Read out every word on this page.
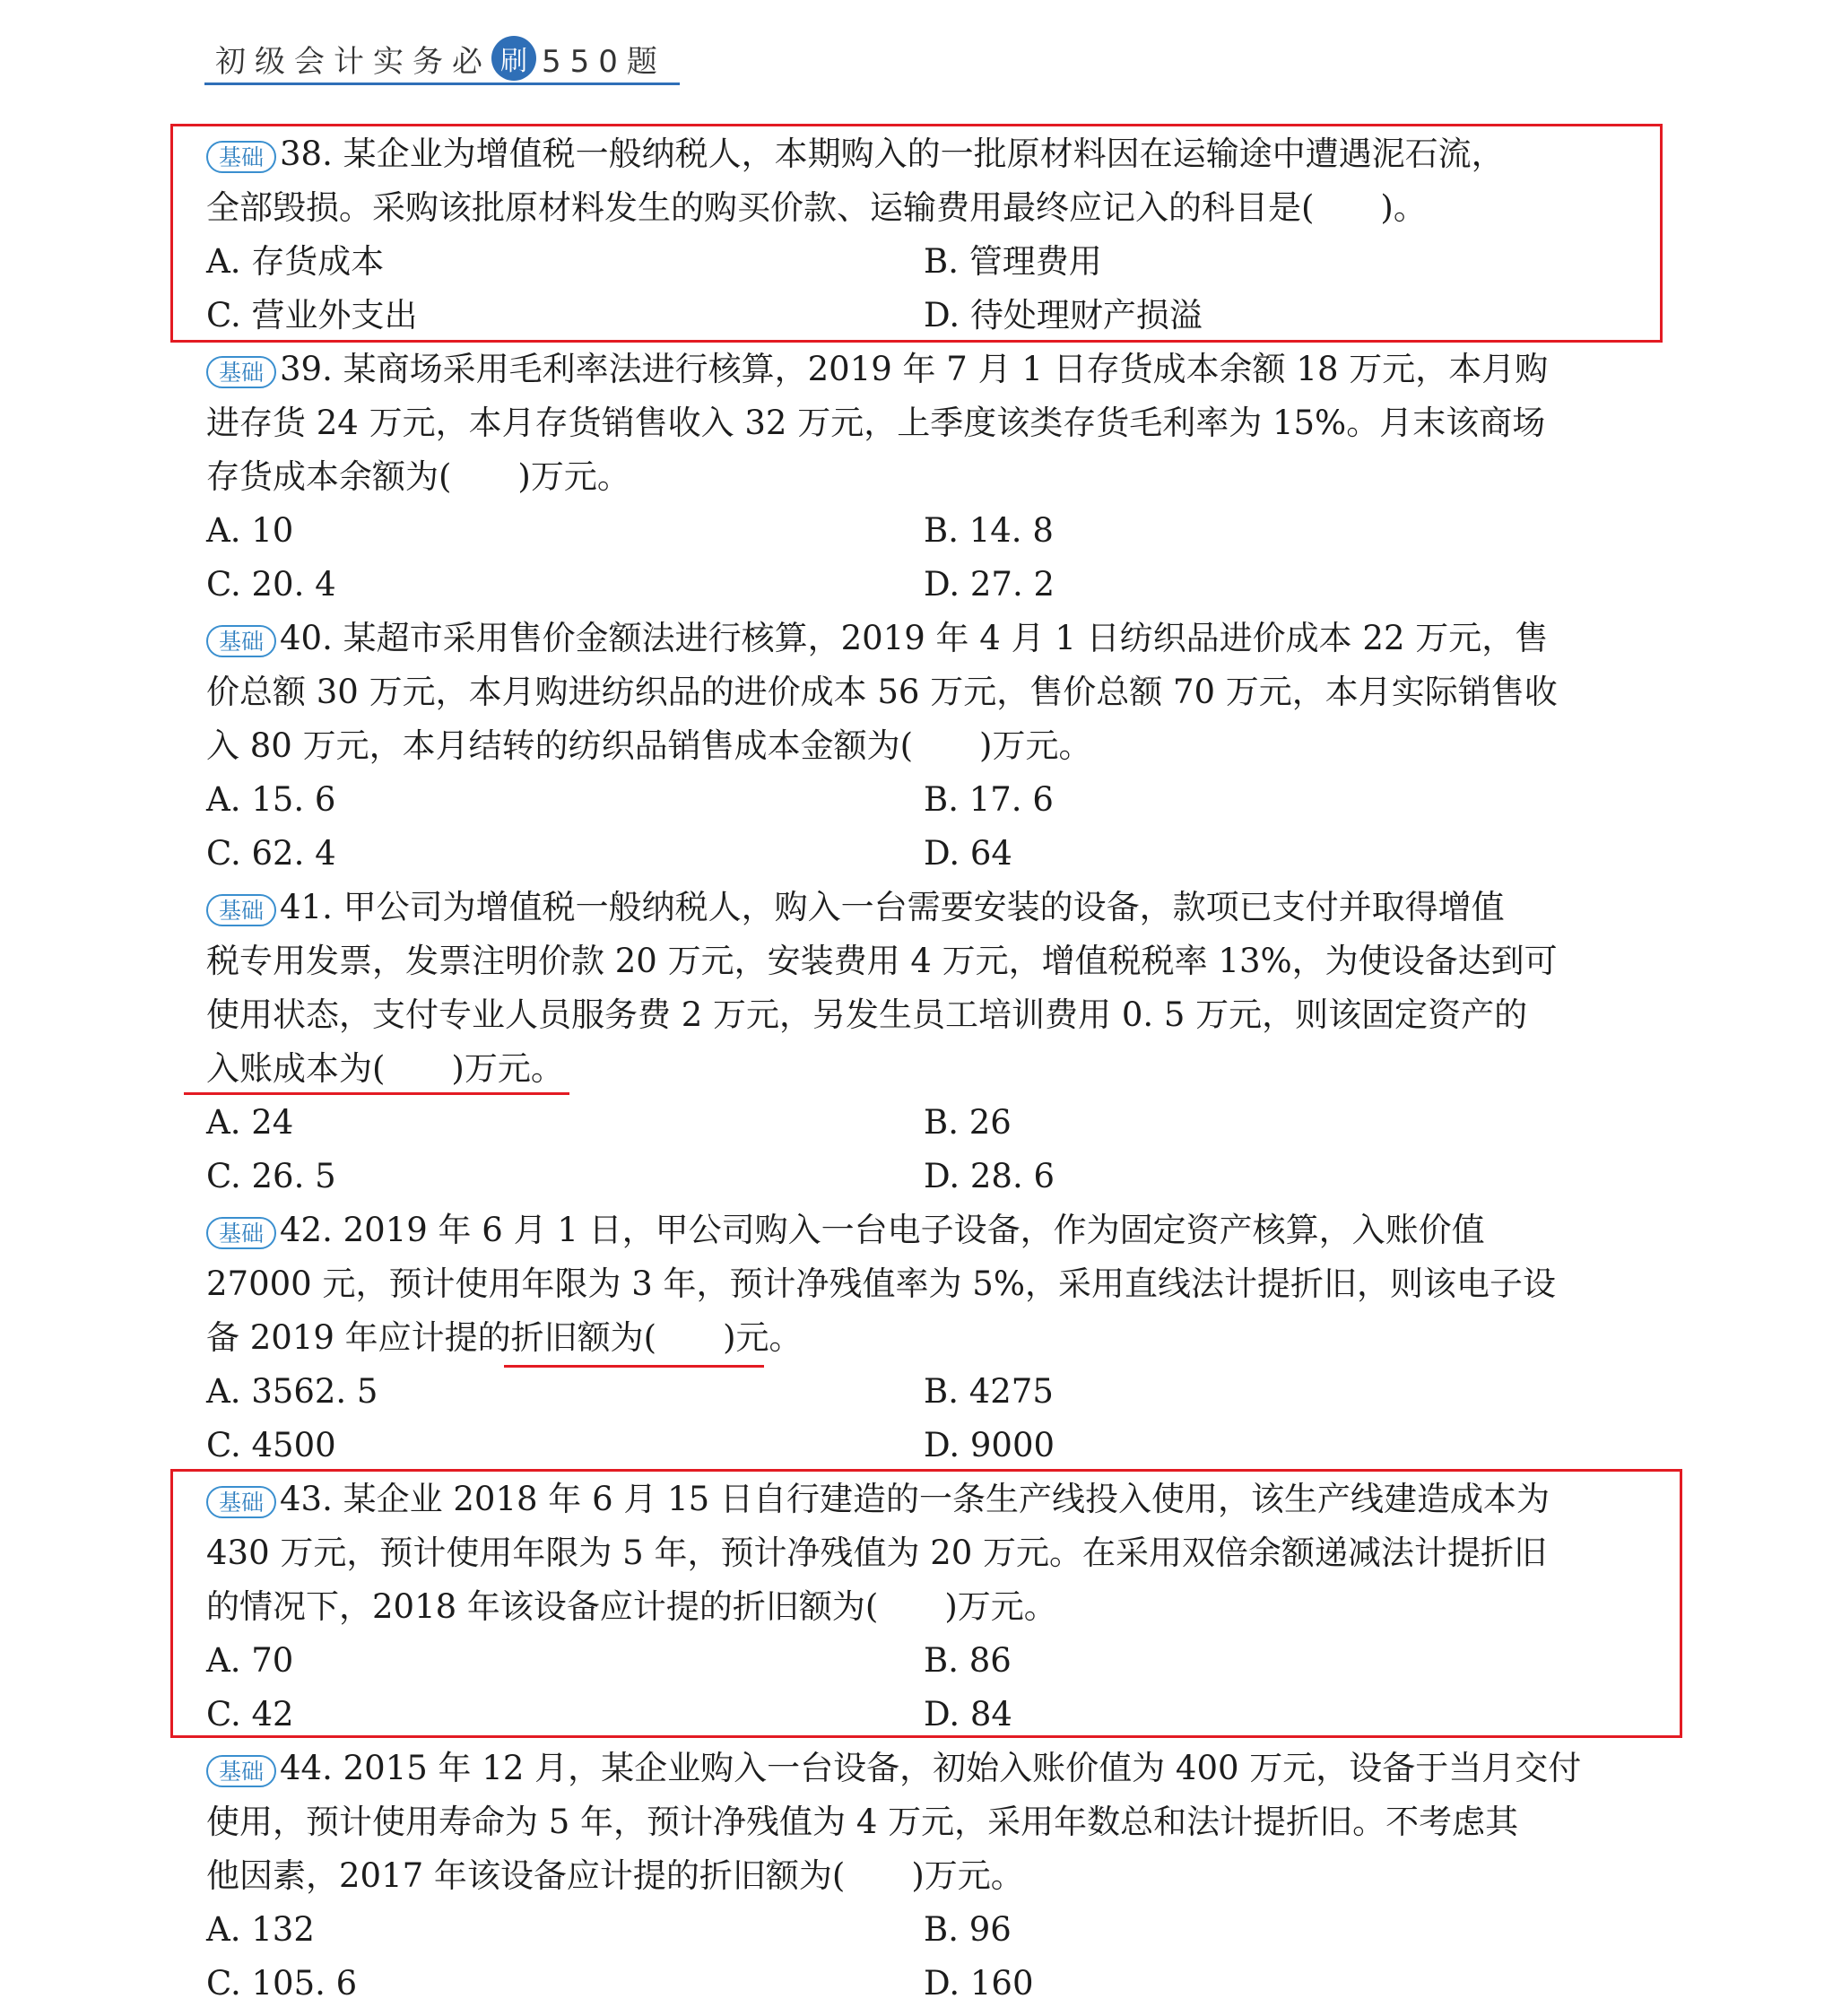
初级会计实务必 刷 550题
基础 38. 某企业为增值税一般纳税人，本期购入的一批原材料因在运输途中遭遇泥石流，
全部毁损。采购该批原材料发生的购买价款、运输费用最终应记入的科目是(　　)。
A. 存货成本	B. 管理费用
C. 营业外支出	D. 待处理财产损溢
基础 39. 某商场采用毛利率法进行核算，2019 年 7 月 1 日存货成本余额 18 万元，本月购
进存货 24 万元，本月存货销售收入 32 万元，上季度该类存货毛利率为 15%。月末该商场
存货成本余额为(　　)万元。
A. 10	B. 14. 8
C. 20. 4	D. 27. 2
基础 40. 某超市采用售价金额法进行核算，2019 年 4 月 1 日纺织品进价成本 22 万元，售
价总额 30 万元，本月购进纺织品的进价成本 56 万元，售价总额 70 万元，本月实际销售收
入 80 万元，本月结转的纺织品销售成本金额为(　　)万元。
A. 15. 6	B. 17. 6
C. 62. 4	D. 64
基础 41. 甲公司为增值税一般纳税人，购入一台需要安装的设备，款项已支付并取得增值
税专用发票，发票注明价款 20 万元，安装费用 4 万元，增值税税率 13%，为使设备达到可
使用状态，支付专业人员服务费 2 万元，另发生员工培训费用 0. 5 万元，则该固定资产的
入账成本为(　　)万元。
A. 24	B. 26
C. 26. 5	D. 28. 6
基础 42. 2019 年 6 月 1 日，甲公司购入一台电子设备，作为固定资产核算，入账价值
27000 元，预计使用年限为 3 年，预计净残值率为 5%，采用直线法计提折旧，则该电子设
备 2019 年应计提的折旧额为(　　)元。
A. 3562. 5	B. 4275
C. 4500	D. 9000
基础 43. 某企业 2018 年 6 月 15 日自行建造的一条生产线投入使用，该生产线建造成本为
430 万元，预计使用年限为 5 年，预计净残值为 20 万元。在采用双倍余额递减法计提折旧
的情况下，2018 年该设备应计提的折旧额为(　　)万元。
A. 70	B. 86
C. 42	D. 84
基础 44. 2015 年 12 月，某企业购入一台设备，初始入账价值为 400 万元，设备于当月交付
使用，预计使用寿命为 5 年，预计净残值为 4 万元，采用年数总和法计提折旧。不考虑其
他因素，2017 年该设备应计提的折旧额为(　　)万元。
A. 132	B. 96
C. 105. 6	D. 160
